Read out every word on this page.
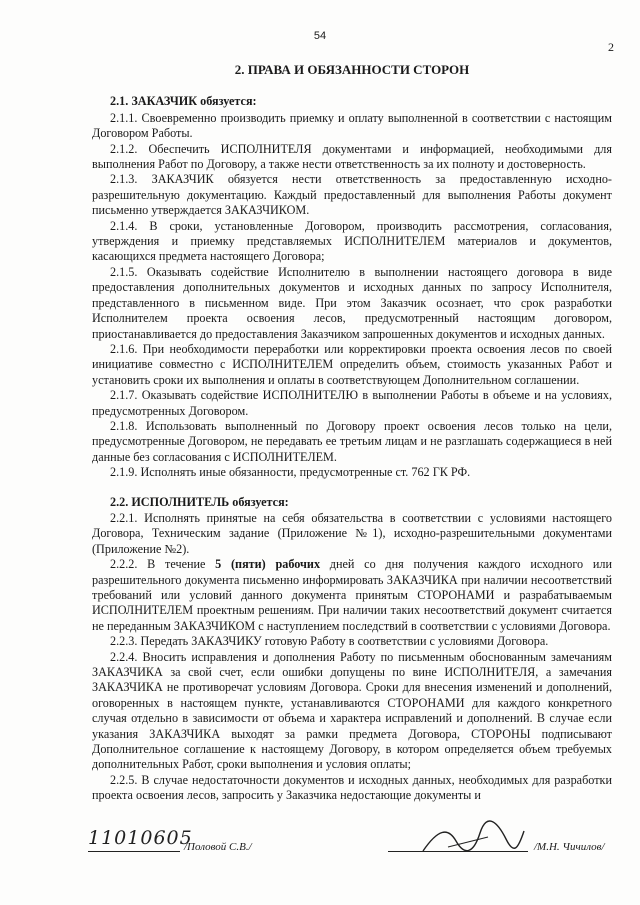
54
2
2. ПРАВА И ОБЯЗАННОСТИ СТОРОН
2.1. ЗАКАЗЧИК обязуется:

2.1.1. Своевременно производить приемку и оплату выполненной в соответствии с настоящим Договором Работы.

2.1.2. Обеспечить ИСПОЛНИТЕЛЯ документами и информацией, необходимыми для выполнения Работ по Договору, а также нести ответственность за их полноту и достоверность.

2.1.3. ЗАКАЗЧИК обязуется нести ответственность за предоставленную исходно-разрешительную документацию. Каждый предоставленный для выполнения Работы документ письменно утверждается ЗАКАЗЧИКОМ.

2.1.4. В сроки, установленные Договором, производить рассмотрения, согласования, утверждения и приемку представляемых ИСПОЛНИТЕЛЕМ материалов и документов, касающихся предмета настоящего Договора;

2.1.5. Оказывать содействие Исполнителю в выполнении настоящего договора в виде предоставления дополнительных документов и исходных данных по запросу Исполнителя, представленного в письменном виде. При этом Заказчик осознает, что срок разработки Исполнителем проекта освоения лесов, предусмотренный настоящим договором, приостанавливается до предоставления Заказчиком запрошенных документов и исходных данных.

2.1.6. При необходимости переработки или корректировки проекта освоения лесов по своей инициативе совместно с ИСПОЛНИТЕЛЕМ определить объем, стоимость указанных Работ и установить сроки их выполнения и оплаты в соответствующем Дополнительном соглашении.

2.1.7. Оказывать содействие ИСПОЛНИТЕЛЮ в выполнении Работы в объеме и на условиях, предусмотренных Договором.

2.1.8. Использовать выполненный по Договору проект освоения лесов только на цели, предусмотренные Договором, не передавать ее третьим лицам и не разглашать содержащиеся в ней данные без согласования с ИСПОЛНИТЕЛЕМ.

2.1.9. Исполнять иные обязанности, предусмотренные ст. 762 ГК РФ.

2.2. ИСПОЛНИТЕЛЬ обязуется:

2.2.1. Исполнять принятые на себя обязательства в соответствии с условиями настоящего Договора, Техническим задание (Приложение №1), исходно-разрешительными документами (Приложение №2).

2.2.2. В течение 5 (пяти) рабочих дней со дня получения каждого исходного или разрешительного документа письменно информировать ЗАКАЗЧИКА при наличии несоответствий требований или условий данного документа принятым СТОРОНАМИ и разрабатываемым ИСПОЛНИТЕЛЕМ проектным решениям. При наличии таких несоответствий документ считается не переданным ЗАКАЗЧИКОМ с наступлением последствий в соответствии с условиями Договора.

2.2.3. Передать ЗАКАЗЧИКУ готовую Работу в соответствии с условиями Договора.

2.2.4. Вносить исправления и дополнения Работу по письменным обоснованным замечаниям ЗАКАЗЧИКА за свой счет, если ошибки допущены по вине ИСПОЛНИТЕЛЯ, а замечания ЗАКАЗЧИКА не противоречат условиям Договора. Сроки для внесения изменений и дополнений, оговоренных в настоящем пункте, устанавливаются СТОРОНАМИ для каждого конкретного случая отдельно в зависимости от объема и характера исправлений и дополнений. В случае если указания ЗАКАЗЧИКА выходят за рамки предмета Договора, СТОРОНЫ подписывают Дополнительное соглашение к настоящему Договору, в котором определяется объем требуемых дополнительных Работ, сроки выполнения и условия оплаты;

2.2.5. В случае недостаточности документов и исходных данных, необходимых для разработки проекта освоения лесов, запросить у Заказчика недостающие документы и

11010605
/Половой С.В./	/М.Н. Чичилов/
